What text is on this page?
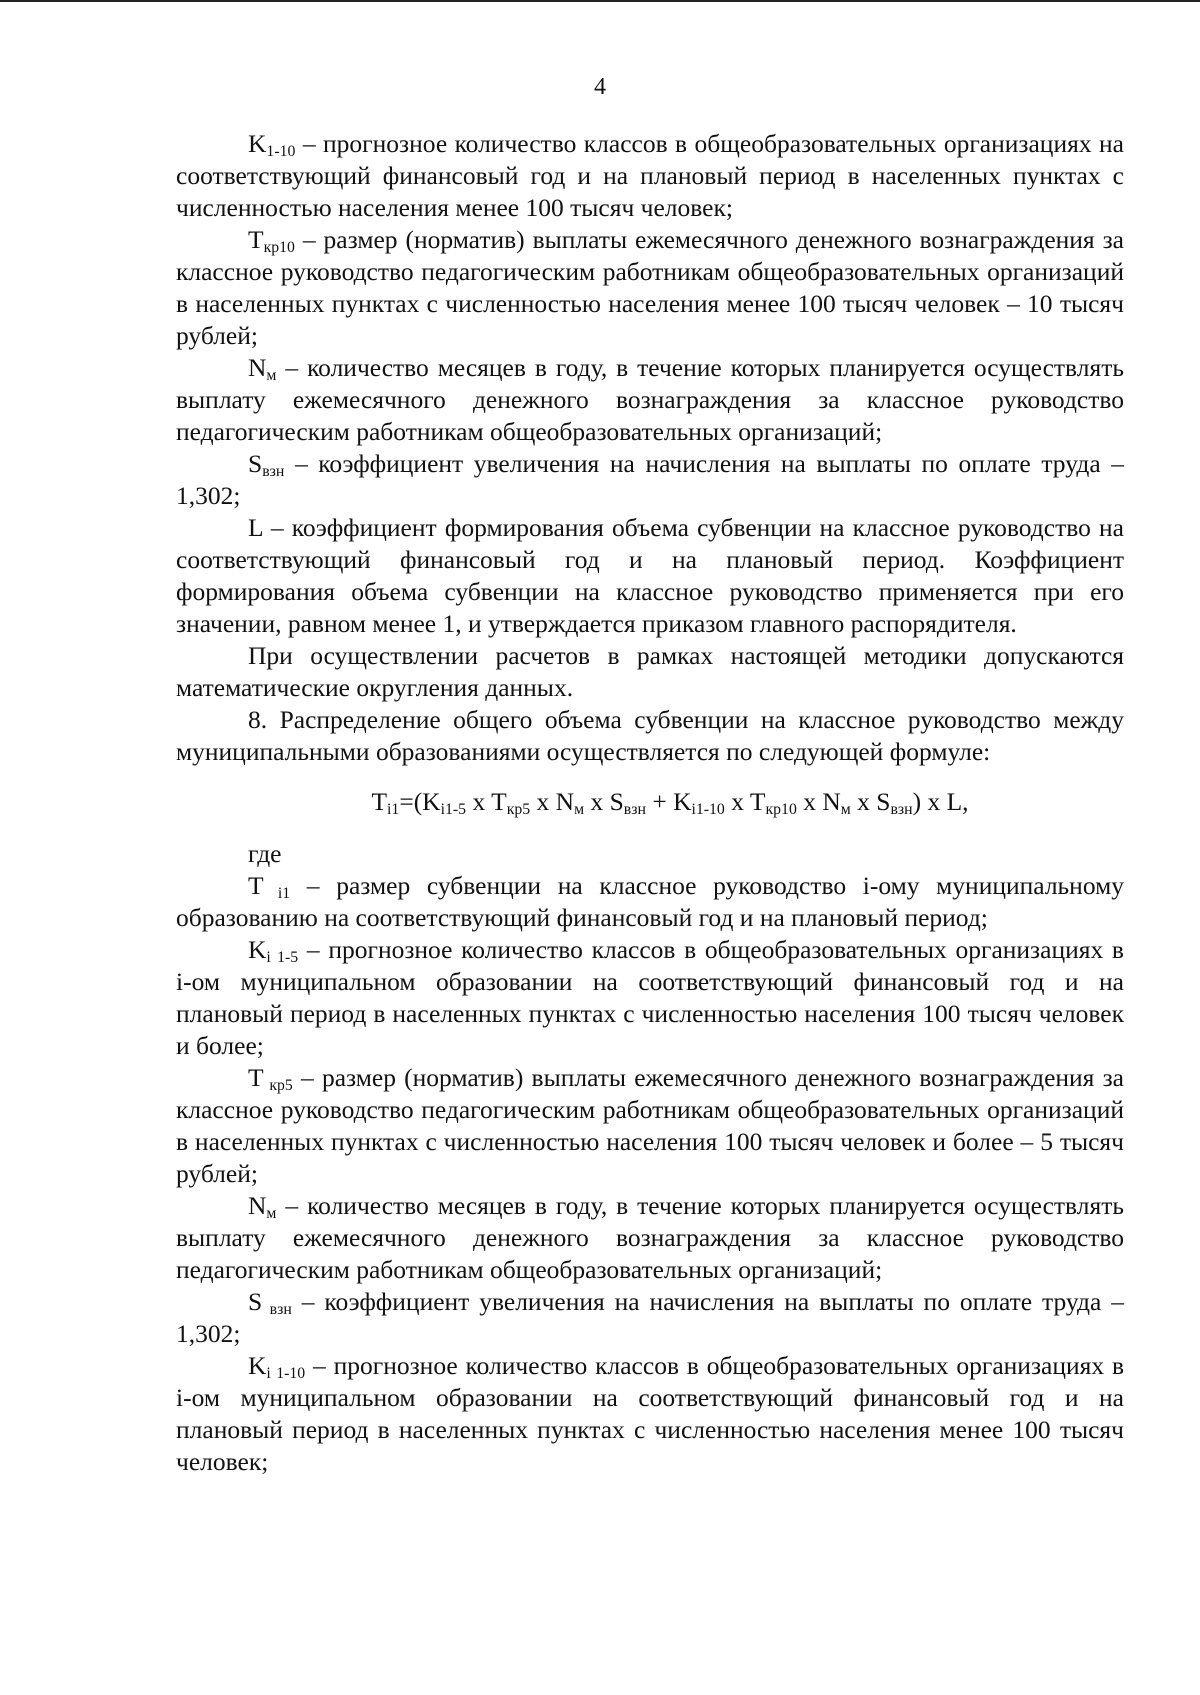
4

$K_{1-10}$ – прогнозное количество классов в общеобразовательных организациях на соответствующий финансовый год и на плановый период в населенных пунктах с численностью населения менее 100 тысяч человек;

$T_{кр10}$ – размер (норматив) выплаты ежемесячного денежного вознаграждения за классное руководство педагогическим работникам общеобразовательных организаций в населенных пунктах с численностью населения менее 100 тысяч человек – 10 тысяч рублей;

$N_м$ – количество месяцев в году, в течение которых планируется осуществлять выплату ежемесячного денежного вознаграждения за классное руководство педагогическим работникам общеобразовательных организаций;

$S_{взн}$ – коэффициент увеличения на начисления на выплаты по оплате труда – 1,302;

L – коэффициент формирования объема субвенции на классное руководство на соответствующий финансовый год и на плановый период. Коэффициент формирования объема субвенции на классное руководство применяется при его значении, равном менее 1, и утверждается приказом главного распорядителя.

При осуществлении расчетов в рамках настоящей методики допускаются математические округления данных.

8. Распределение общего объема субвенции на классное руководство между муниципальными образованиями осуществляется по следующей формуле:

$T_{i1}=(K_{i1-5}$ x $T_{кр5}$ x $N_м$ x $S_{взн} + K_{i1-10}$ x $T_{кр10}$ x $N_м$ x $S_{взн}$) x L,

где

T $_{i1}$ – размер субвенции на классное руководство i-ому муниципальному образованию на соответствующий финансовый год и на плановый период;

$K_{i 1-5}$ – прогнозное количество классов в общеобразовательных организациях в i-ом муниципальном образовании на соответствующий финансовый год и на плановый период в населенных пунктах с численностью населения 100 тысяч человек и более;

T $_{кр5}$ – размер (норматив) выплаты ежемесячного денежного вознаграждения за классное руководство педагогическим работникам общеобразовательных организаций в населенных пунктах с численностью населения 100 тысяч человек и более – 5 тысяч рублей;

$N_м$ – количество месяцев в году, в течение которых планируется осуществлять выплату ежемесячного денежного вознаграждения за классное руководство педагогическим работникам общеобразовательных организаций;

S $_{взн}$ – коэффициент увеличения на начисления на выплаты по оплате труда – 1,302;

$K_{i 1-10}$ – прогнозное количество классов в общеобразовательных организациях в i-ом муниципальном образовании на соответствующий финансовый год и на плановый период в населенных пунктах с численностью населения менее 100 тысяч человек;
